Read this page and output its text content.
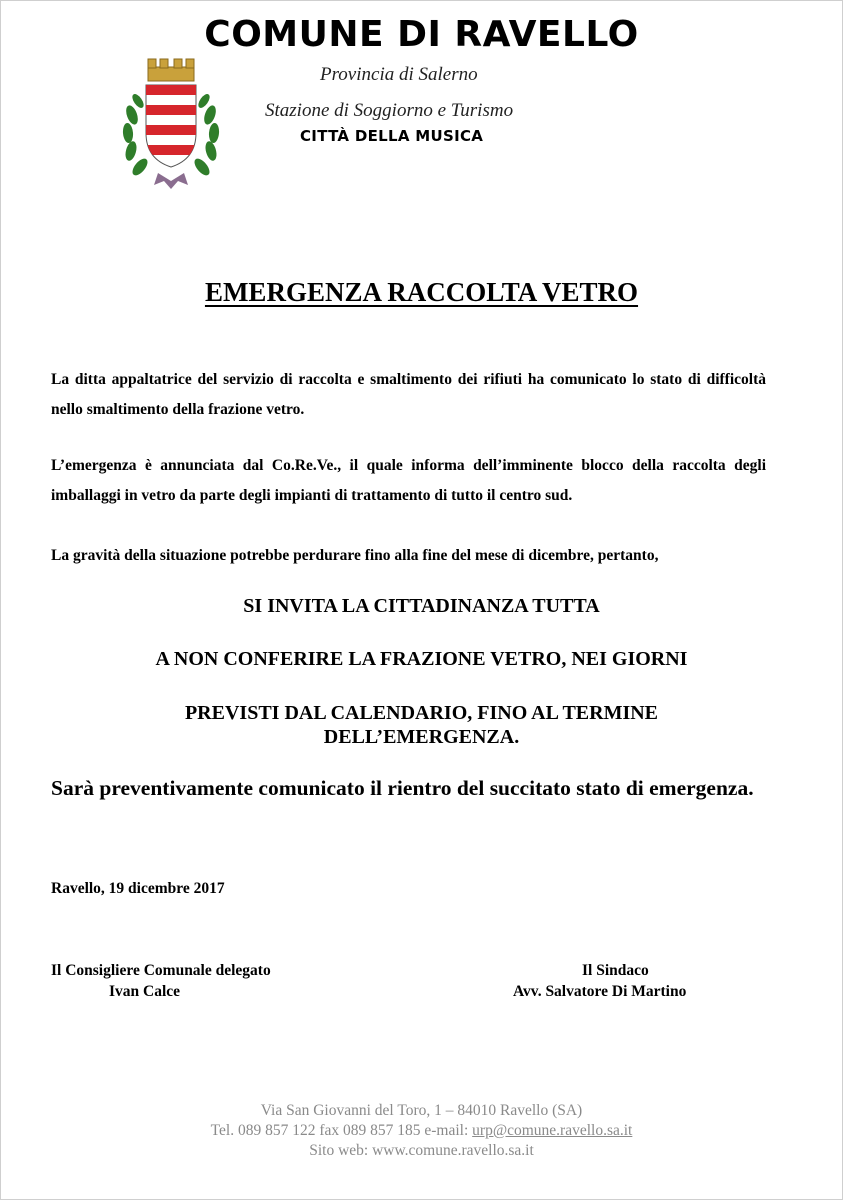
COMUNE DI RAVELLO
Provincia di Salerno
Stazione di Soggiorno e Turismo
CITTÀ DELLA MUSICA
EMERGENZA RACCOLTA VETRO
La ditta appaltatrice del servizio di raccolta e smaltimento dei rifiuti ha comunicato lo stato di difficoltà nello smaltimento della frazione vetro.
L’emergenza è annunciata dal Co.Re.Ve., il quale informa dell’imminente blocco della raccolta degli imballaggi in vetro da parte degli impianti di trattamento di tutto il centro sud.
La gravità della situazione potrebbe perdurare fino alla fine del mese di dicembre, pertanto,
SI INVITA LA CITTADINANZA TUTTA
A NON CONFERIRE LA FRAZIONE VETRO, NEI GIORNI
PREVISTI DAL CALENDARIO, FINO AL TERMINE
DELL’EMERGENZA.
Sarà preventivamente comunicato il rientro del succitato stato di emergenza.
Ravello, 19 dicembre 2017
Il Consigliere Comunale delegato
Ivan Calce
Il Sindaco
Avv. Salvatore Di Martino
Via San Giovanni del Toro, 1 – 84010 Ravello (SA)
Tel. 089 857 122 fax 089 857 185 e-mail: urp@comune.ravello.sa.it
Sito web: www.comune.ravello.sa.it
